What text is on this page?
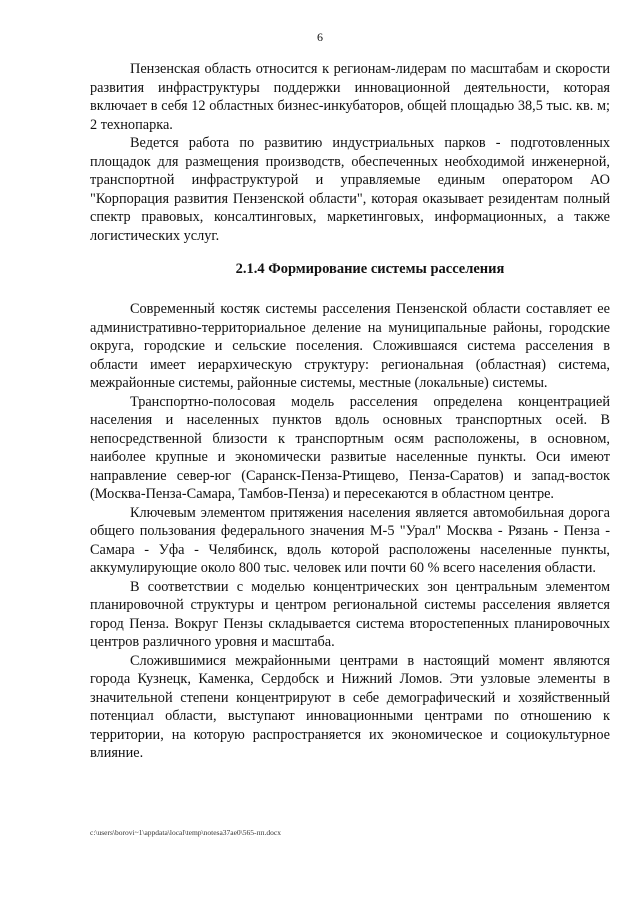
6

Пензенская область относится к регионам-лидерам по масштабам и скорости развития инфраструктуры поддержки инновационной деятельности, которая включает в себя 12 областных бизнес-инкубаторов, общей площадью 38,5 тыс. кв. м; 2 технопарка.

Ведется работа по развитию индустриальных парков - подготовленных площадок для размещения производств, обеспеченных необходимой инженерной, транспортной инфраструктурой и управляемые единым оператором АО "Корпорация развития Пензенской области", которая оказывает резидентам полный спектр правовых, консалтинговых, маркетинговых, информационных, а также логистических услуг.

2.1.4 Формирование системы расселения

Современный костяк системы расселения Пензенской области составляет ее административно-территориальное деление на муниципальные районы, городские округа, городские и сельские поселения. Сложившаяся система расселения в области имеет иерархическую структуру: региональная (областная) система, межрайонные системы, районные системы, местные (локальные) системы.

Транспортно-полосовая модель расселения определена концентрацией населения и населенных пунктов вдоль основных транспортных осей. В непосредственной близости к транспортным осям расположены, в основном, наиболее крупные и экономически развитые населенные пункты. Оси имеют направление север-юг (Саранск-Пенза-Ртищево, Пенза-Саратов) и запад-восток (Москва-Пенза-Самара, Тамбов-Пенза) и пересекаются в областном центре.

Ключевым элементом притяжения населения является автомобильная дорога общего пользования федерального значения М-5 "Урал" Москва - Рязань - Пенза - Самара - Уфа - Челябинск, вдоль которой расположены населенные пункты, аккумулирующие около 800 тыс. человек или почти 60 % всего населения области.

В соответствии с моделью концентрических зон центральным элементом планировочной структуры и центром региональной системы расселения является город Пенза. Вокруг Пензы складывается система второстепенных планировочных центров различного уровня и масштаба.

Сложившимися межрайонными центрами в настоящий момент являются города Кузнецк, Каменка, Сердобск и Нижний Ломов. Эти узловые элементы в значительной степени концентрируют в себе демографический и хозяйственный потенциал области, выступают инновационными центрами по отношению к территории, на которую распространяется их экономическое и социокультурное влияние.

c:\users\borovi~1\appdata\local\temp\notesa37ae0\565-пп.docx
